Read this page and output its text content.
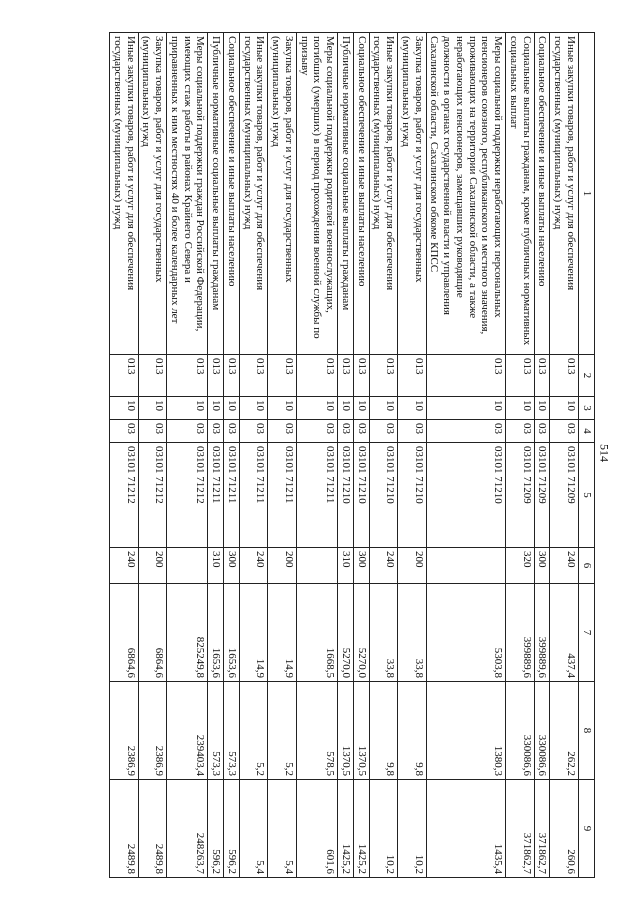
514
1	2	3	4	5	6	7	8	9
Иные закупки товаров, работ и услуг для обеспечения государственных (муниципальных) нужд	013	10	03	03101 71209	240	437,4	262,2	260,6
Социальное обеспечение и иные выплаты населению	013	10	03	03101 71209	300	399889,6	330086,6	371862,7
Социальные выплаты гражданам, кроме публичных нормативных социальных выплат	013	10	03	03101 71209	320	399889,6	330086,6	371862,7
Меры социальной поддержки неработающих персональных пенсионеров союзного, республиканского и местного значения, проживающих на территории Сахалинской области, а также неработающих пенсионеров, замещавших руководящие должности в органах государственной власти и управления Сахалинской области, Сахалинском обкоме КПСС	013	10	03	03101 71210		5303,8	1380,3	1435,4
Закупка товаров, работ и услуг для государственных (муниципальных) нужд	013	10	03	03101 71210	200	33,8	9,8	10,2
Иные закупки товаров, работ и услуг для обеспечения государственных (муниципальных) нужд	013	10	03	03101 71210	240	33,8	9,8	10,2
Социальное обеспечение и иные выплаты населению	013	10	03	03101 71210	300	5270,0	1370,5	1425,2
Публичные нормативные социальные выплаты гражданам	013	10	03	03101 71210	310	5270,0	1370,5	1425,2
Меры социальной поддержки родителей военнослужащих, погибших (умерших) в период прохождения военной службы по призыву	013	10	03	03101 71211		1668,5	578,5	601,6
Закупка товаров, работ и услуг для государственных (муниципальных) нужд	013	10	03	03101 71211	200	14,9	5,2	5,4
Иные закупки товаров, работ и услуг для обеспечения государственных (муниципальных) нужд	013	10	03	03101 71211	240	14,9	5,2	5,4
Социальное обеспечение и иные выплаты населению	013	10	03	03101 71211	300	1653,6	573,3	596,2
Публичные нормативные социальные выплаты гражданам	013	10	03	03101 71211	310	1653,6	573,3	596,2
Меры социальной поддержки граждан Российской Федерации, имеющих стаж работы в районах Крайнего Севера и приравненных к ним местностях 40 и более календарных лет	013	10	03	03101 71212		825249,8	239403,4	248263,7
Закупка товаров, работ и услуг для государственных (муниципальных) нужд	013	10	03	03101 71212	200	6864,6	2386,9	2489,8
Иные закупки товаров, работ и услуг для обеспечения государственных (муниципальных) нужд	013	10	03	03101 71212	240	6864,6	2386,9	2489,8
